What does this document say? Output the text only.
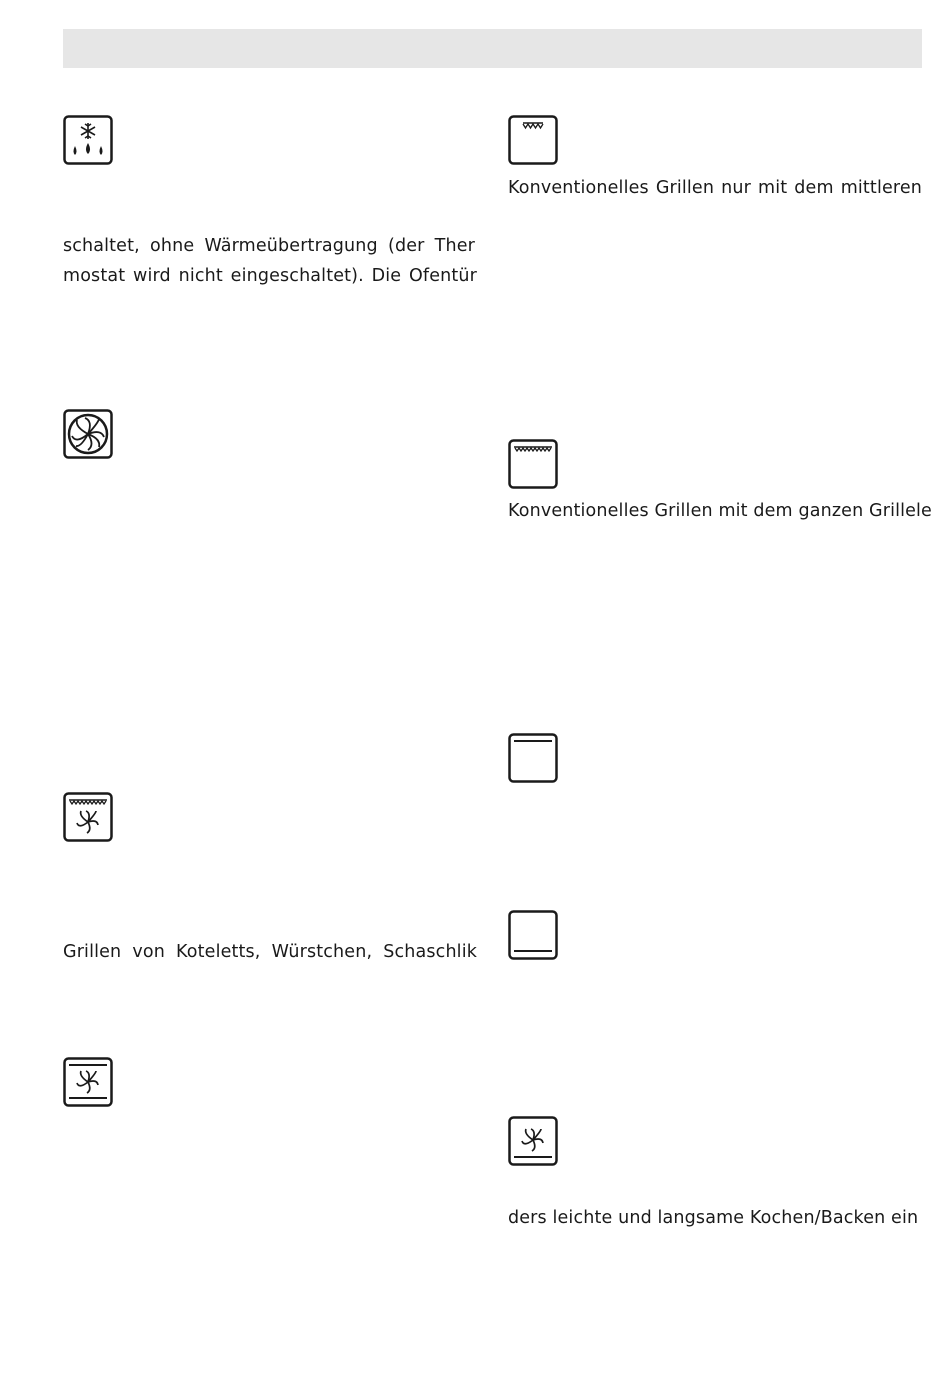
schaltet, ohne Wärmeübertragung (der Ther
mostat wird nicht eingeschaltet). Die Ofentür
Grillen von Koteletts, Würstchen, Schaschlik
Konventionelles Grillen nur mit dem mittleren
Konventionelles Grillen mit dem ganzen Grillele
ders leichte und langsame Kochen/Backen ein
